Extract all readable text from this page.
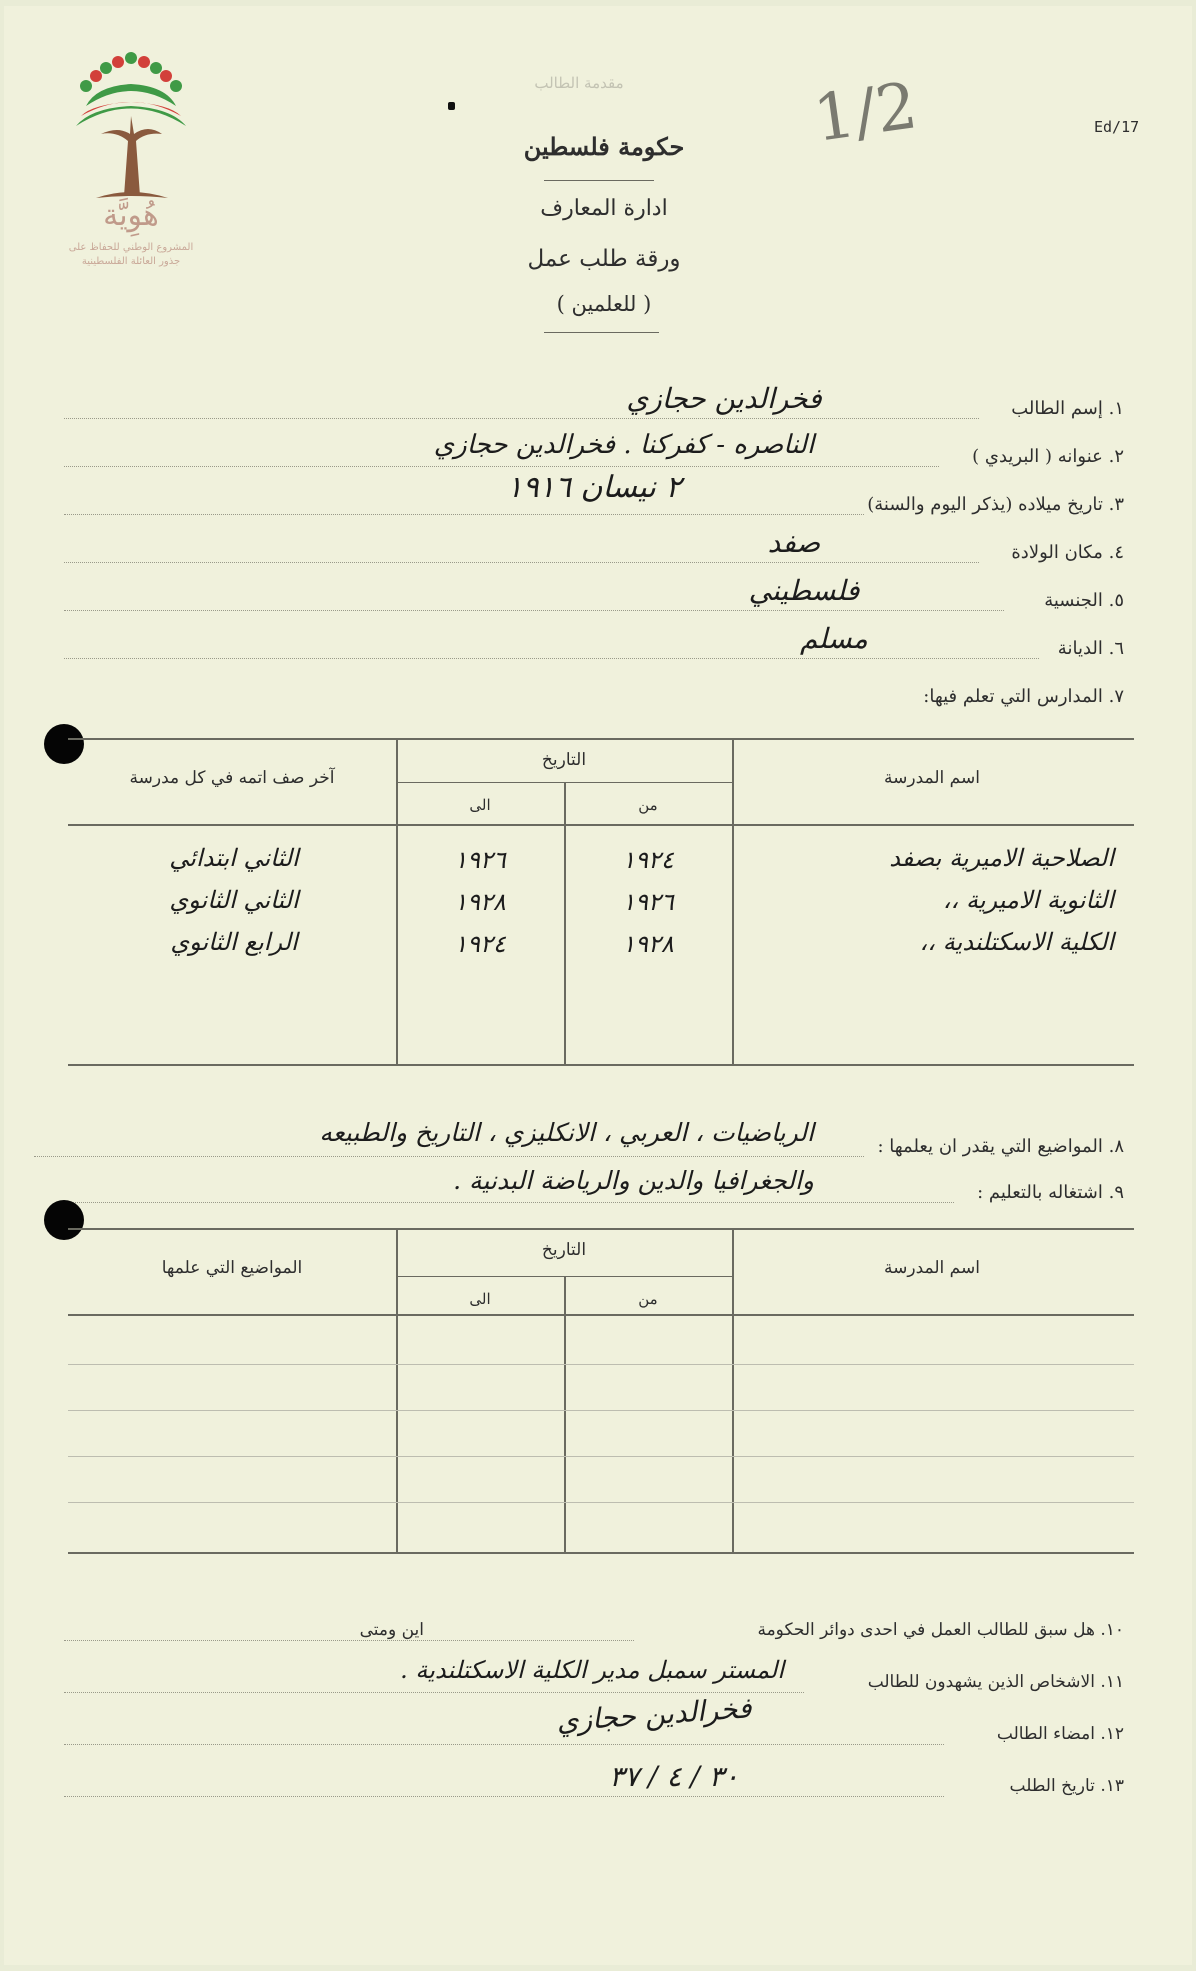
هُوِيَّة
المشروع الوطني للحفاظ على
جذور العائلة الفلسطينية
مقدمة الطالب
حكومة فلسطين
ادارة المعارف
ورقة طلب عمل
( للعلمين )
Ed/17
1/2
١. إسم الطالب
فخرالدين حجازي
٢. عنوانه ( البريدي )
الناصره - كفركنا . فخرالدين حجازي
٣. تاريخ ميلاده (يذكر اليوم والسنة)
٢ نيسان ١٩١٦
٤. مكان الولادة
صفد
٥. الجنسية
فلسطيني
٦. الديانة
مسلم
٧. المدارس التي تعلم فيها:
اسم المدرسة
التاريخ
من
الى
آخر صف اتمه في كل مدرسة
الصلاحية الاميرية بصفد
١٩٢٤
١٩٢٦
الثاني ابتدائي
الثانوية الاميرية ،،
١٩٢٦
١٩٢٨
الثاني الثانوي
الكلية الاسكتلندية ،،
١٩٢٨
١٩٢٤
الرابع الثانوي
٨. المواضيع التي يقدر ان يعلمها :
الرياضيات ، العربي ، الانكليزي ، التاريخ والطبيعه
٩. اشتغاله بالتعليم :
والجغرافيا والدين والرياضة البدنية .
اسم المدرسة
التاريخ
من
الى
المواضيع التي علمها
١٠. هل سبق للطالب العمل في احدى دوائر الحكومة
اين ومتى
١١. الاشخاص الذين يشهدون للطالب
المستر سمبل مدير الكلية الاسكتلندية .
١٢. امضاء الطالب
فخرالدين حجازي
١٣. تاريخ الطلب
٣٠ / ٤ / ٣٧
